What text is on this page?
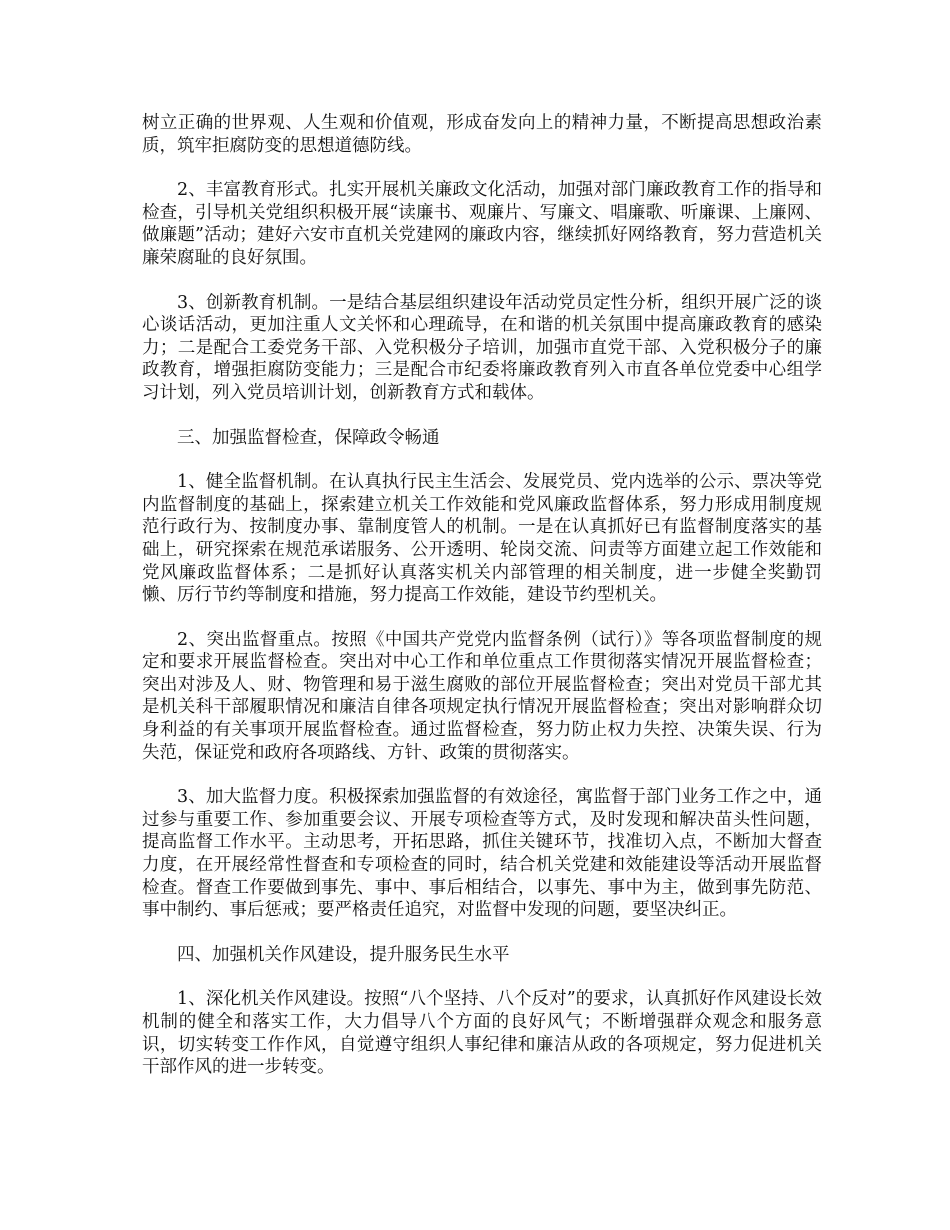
树立正确的世界观、人生观和价值观，形成奋发向上的精神力量，不断提高思想政治素质，筑牢拒腐防变的思想道德防线。

2、丰富教育形式。扎实开展机关廉政文化活动，加强对部门廉政教育工作的指导和检查，引导机关党组织积极开展“读廉书、观廉片、写廉文、唱廉歌、听廉课、上廉网、做廉题”活动；建好六安市直机关党建网的廉政内容，继续抓好网络教育，努力营造机关廉荣腐耻的良好氛围。

3、创新教育机制。一是结合基层组织建设年活动党员定性分析，组织开展广泛的谈心谈话活动，更加注重人文关怀和心理疏导，在和谐的机关氛围中提高廉政教育的感染力；二是配合工委党务干部、入党积极分子培训，加强市直党干部、入党积极分子的廉政教育，增强拒腐防变能力；三是配合市纪委将廉政教育列入市直各单位党委中心组学习计划，列入党员培训计划，创新教育方式和载体。

三、加强监督检查，保障政令畅通

1、健全监督机制。在认真执行民主生活会、发展党员、党内选举的公示、票决等党内监督制度的基础上，探索建立机关工作效能和党风廉政监督体系，努力形成用制度规范行政行为、按制度办事、靠制度管人的机制。一是在认真抓好已有监督制度落实的基础上，研究探索在规范承诺服务、公开透明、轮岗交流、问责等方面建立起工作效能和党风廉政监督体系；二是抓好认真落实机关内部管理的相关制度，进一步健全奖勤罚懒、厉行节约等制度和措施，努力提高工作效能，建设节约型机关。

2、突出监督重点。按照《中国共产党党内监督条例（试行）》等各项监督制度的规定和要求开展监督检查。突出对中心工作和单位重点工作贯彻落实情况开展监督检查；突出对涉及人、财、物管理和易于滋生腐败的部位开展监督检查；突出对党员干部尤其是机关科干部履职情况和廉洁自律各项规定执行情况开展监督检查；突出对影响群众切身利益的有关事项开展监督检查。通过监督检查，努力防止权力失控、决策失误、行为失范，保证党和政府各项路线、方针、政策的贯彻落实。

3、加大监督力度。积极探索加强监督的有效途径，寓监督于部门业务工作之中，通过参与重要工作、参加重要会议、开展专项检查等方式，及时发现和解决苗头性问题，提高监督工作水平。主动思考，开拓思路，抓住关键环节，找准切入点，不断加大督查力度，在开展经常性督查和专项检查的同时，结合机关党建和效能建设等活动开展监督检查。督查工作要做到事先、事中、事后相结合，以事先、事中为主，做到事先防范、事中制约、事后惩戒；要严格责任追究，对监督中发现的问题，要坚决纠正。

四、加强机关作风建设，提升服务民生水平

1、深化机关作风建设。按照“八个坚持、八个反对”的要求，认真抓好作风建设长效机制的健全和落实工作，大力倡导八个方面的良好风气；不断增强群众观念和服务意识，切实转变工作作风，自觉遵守组织人事纪律和廉洁从政的各项规定，努力促进机关干部作风的进一步转变。
